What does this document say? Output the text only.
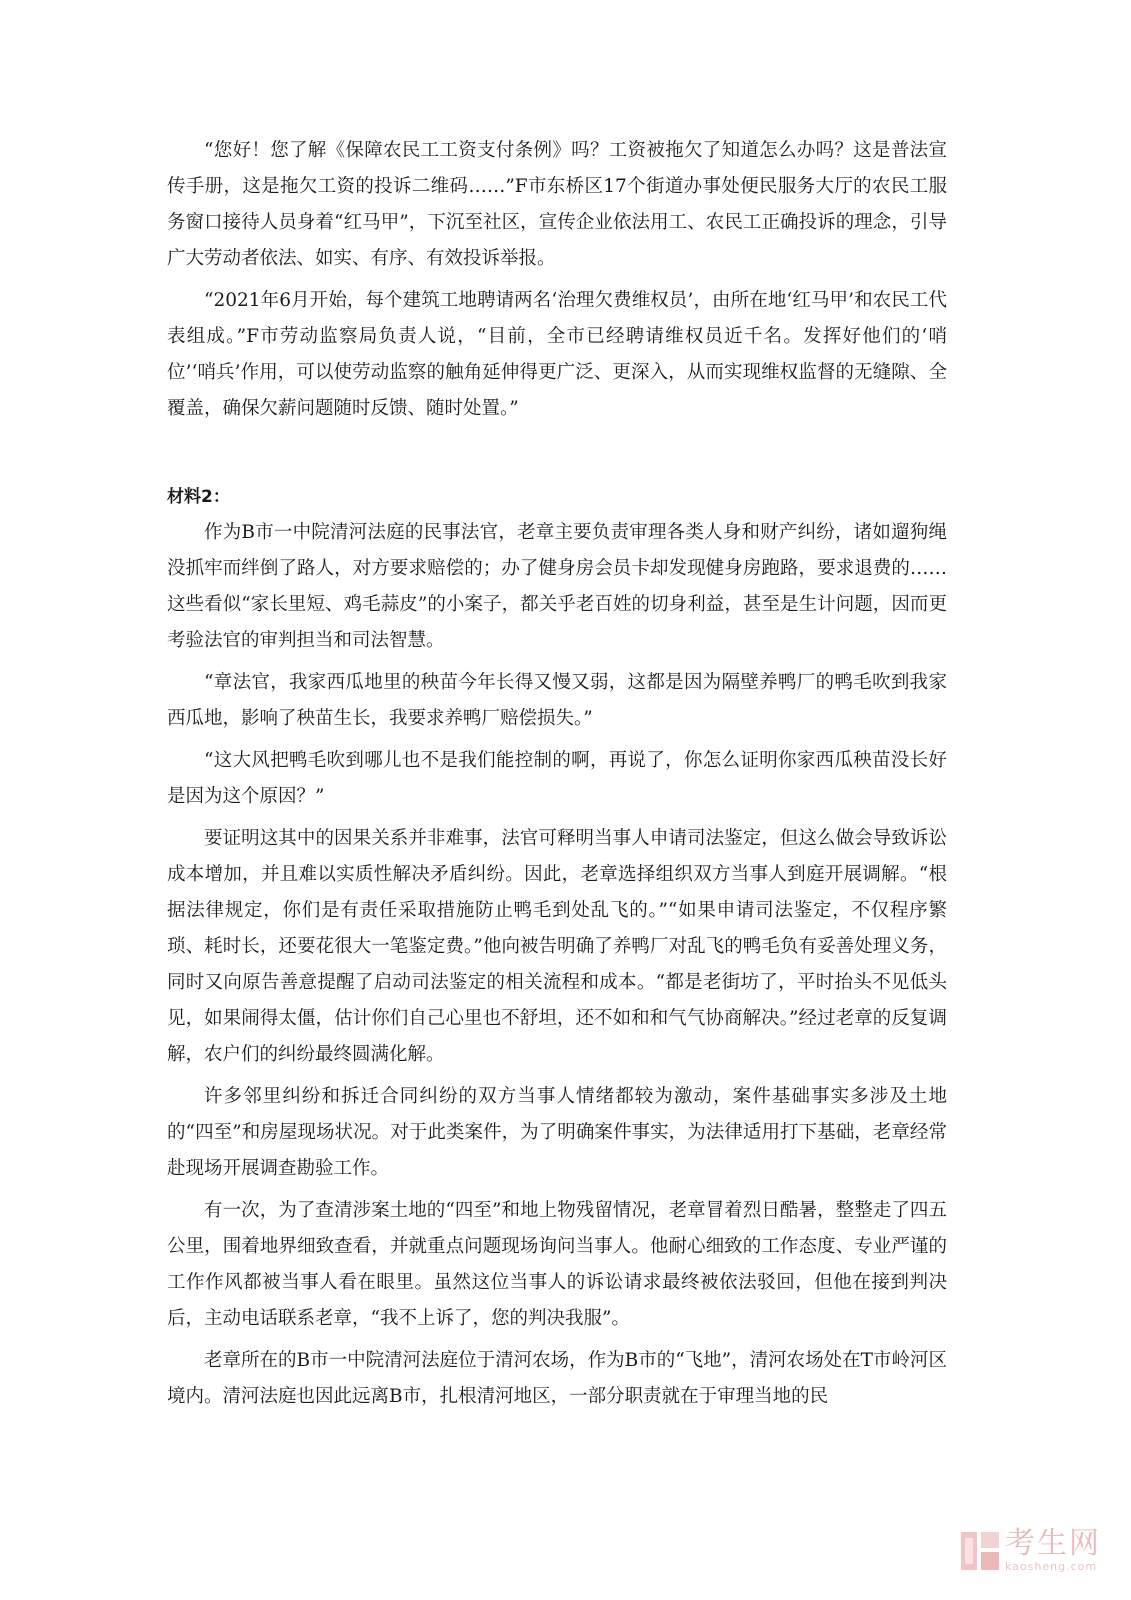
“您好！您了解《保障农民工工资支付条例》吗？工资被拖欠了知道怎么办吗？这是普法宣传手册，这是拖欠工资的投诉二维码……”F市东桥区17个街道办事处便民服务大厅的农民工服务窗口接待人员身着“红马甲”，下沉至社区，宣传企业依法用工、农民工正确投诉的理念，引导广大劳动者依法、如实、有序、有效投诉举报。

“2021年6月开始，每个建筑工地聘请两名‘治理欠费维权员’，由所在地‘红马甲’和农民工代表组成。”F市劳动监察局负责人说，“目前，全市已经聘请维权员近千名。发挥好他们的‘哨位’‘哨兵’作用，可以使劳动监察的触角延伸得更广泛、更深入，从而实现维权监督的无缝隙、全覆盖，确保欠薪问题随时反馈、随时处置。”

材料2：

作为B市一中院清河法庭的民事法官，老章主要负责审理各类人身和财产纠纷，诸如遛狗绳没抓牢而绊倒了路人，对方要求赔偿的；办了健身房会员卡却发现健身房跑路，要求退费的……这些看似“家长里短、鸡毛蒜皮”的小案子，都关乎老百姓的切身利益，甚至是生计问题，因而更考验法官的审判担当和司法智慧。

“章法官，我家西瓜地里的秧苗今年长得又慢又弱，这都是因为隔壁养鸭厂的鸭毛吹到我家西瓜地，影响了秧苗生长，我要求养鸭厂赔偿损失。”

“这大风把鸭毛吹到哪儿也不是我们能控制的啊，再说了，你怎么证明你家西瓜秧苗没长好是因为这个原因？”

要证明这其中的因果关系并非难事，法官可释明当事人申请司法鉴定，但这么做会导致诉讼成本增加，并且难以实质性解决矛盾纠纷。因此，老章选择组织双方当事人到庭开展调解。“根据法律规定，你们是有责任采取措施防止鸭毛到处乱飞的。”“如果申请司法鉴定，不仅程序繁琐、耗时长，还要花很大一笔鉴定费。”他向被告明确了养鸭厂对乱飞的鸭毛负有妥善处理义务，同时又向原告善意提醒了启动司法鉴定的相关流程和成本。“都是老街坊了，平时抬头不见低头见，如果闹得太僵，估计你们自己心里也不舒坦，还不如和和气气协商解决。”经过老章的反复调解，农户们的纠纷最终圆满化解。

许多邻里纠纷和拆迁合同纠纷的双方当事人情绪都较为激动，案件基础事实多涉及土地的“四至”和房屋现场状况。对于此类案件，为了明确案件事实，为法律适用打下基础，老章经常赴现场开展调查勘验工作。

有一次，为了查清涉案土地的“四至”和地上物残留情况，老章冒着烈日酷暑，整整走了四五公里，围着地界细致查看，并就重点问题现场询问当事人。他耐心细致的工作态度、专业严谨的工作作风都被当事人看在眼里。虽然这位当事人的诉讼请求最终被依法驳回，但他在接到判决后，主动电话联系老章，“我不上诉了，您的判决我服”。

老章所在的B市一中院清河法庭位于清河农场，作为B市的“飞地”，清河农场处在T市岭河区境内。清河法庭也因此远离B市，扎根清河地区，一部分职责就在于审理当地的民

考生网
kaosheng.com
